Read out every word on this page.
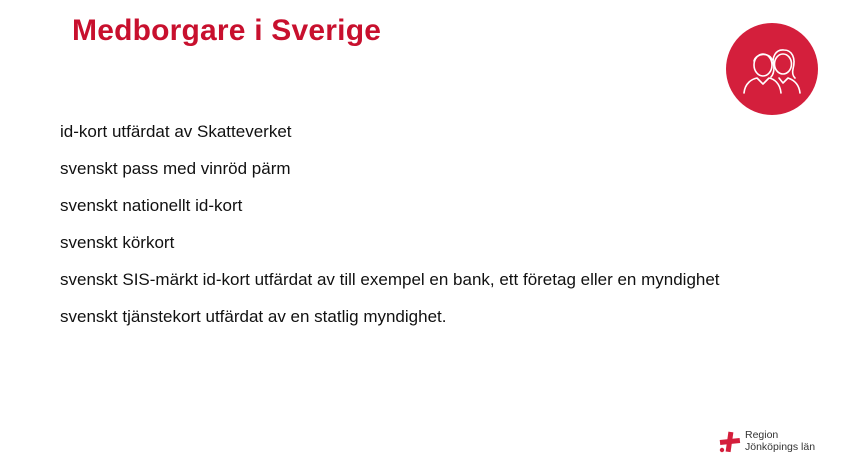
Medborgare i Sverige
id-kort utfärdat av Skatteverket
svenskt pass med vinröd pärm
svenskt nationellt id-kort
svenskt körkort
svenskt SIS-märkt id-kort utfärdat av till exempel en bank, ett företag eller en myndighet
svenskt tjänstekort utfärdat av en statlig myndighet.
Region
Jönköpings län
